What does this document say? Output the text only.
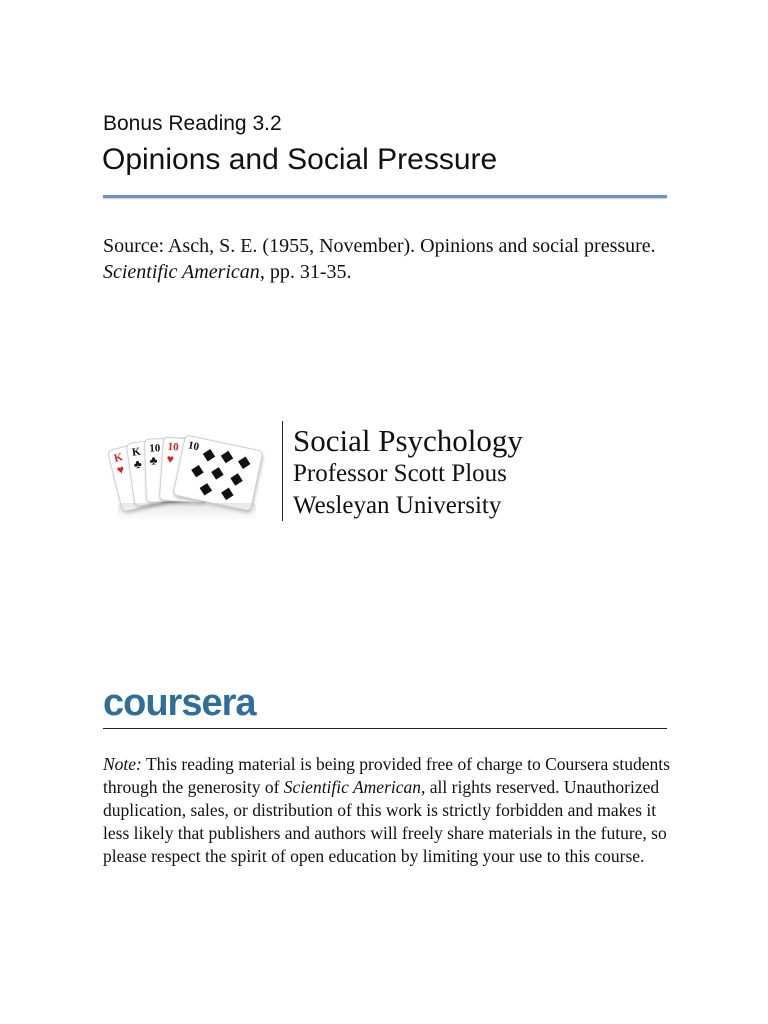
Bonus Reading 3.2
Opinions and Social Pressure
Source: Asch, S. E. (1955, November). Opinions and social pressure. Scientific American, pp. 31-35.
K
♥
K
♣
10
♣
10
♥
10	Social Psychology
Professor Scott Plous
Wesleyan University
coursera
Note: This reading material is being provided free of charge to Coursera students through the generosity of Scientific American, all rights reserved. Unauthorized duplication, sales, or distribution of this work is strictly forbidden and makes it less likely that publishers and authors will freely share materials in the future, so please respect the spirit of open education by limiting your use to this course.
